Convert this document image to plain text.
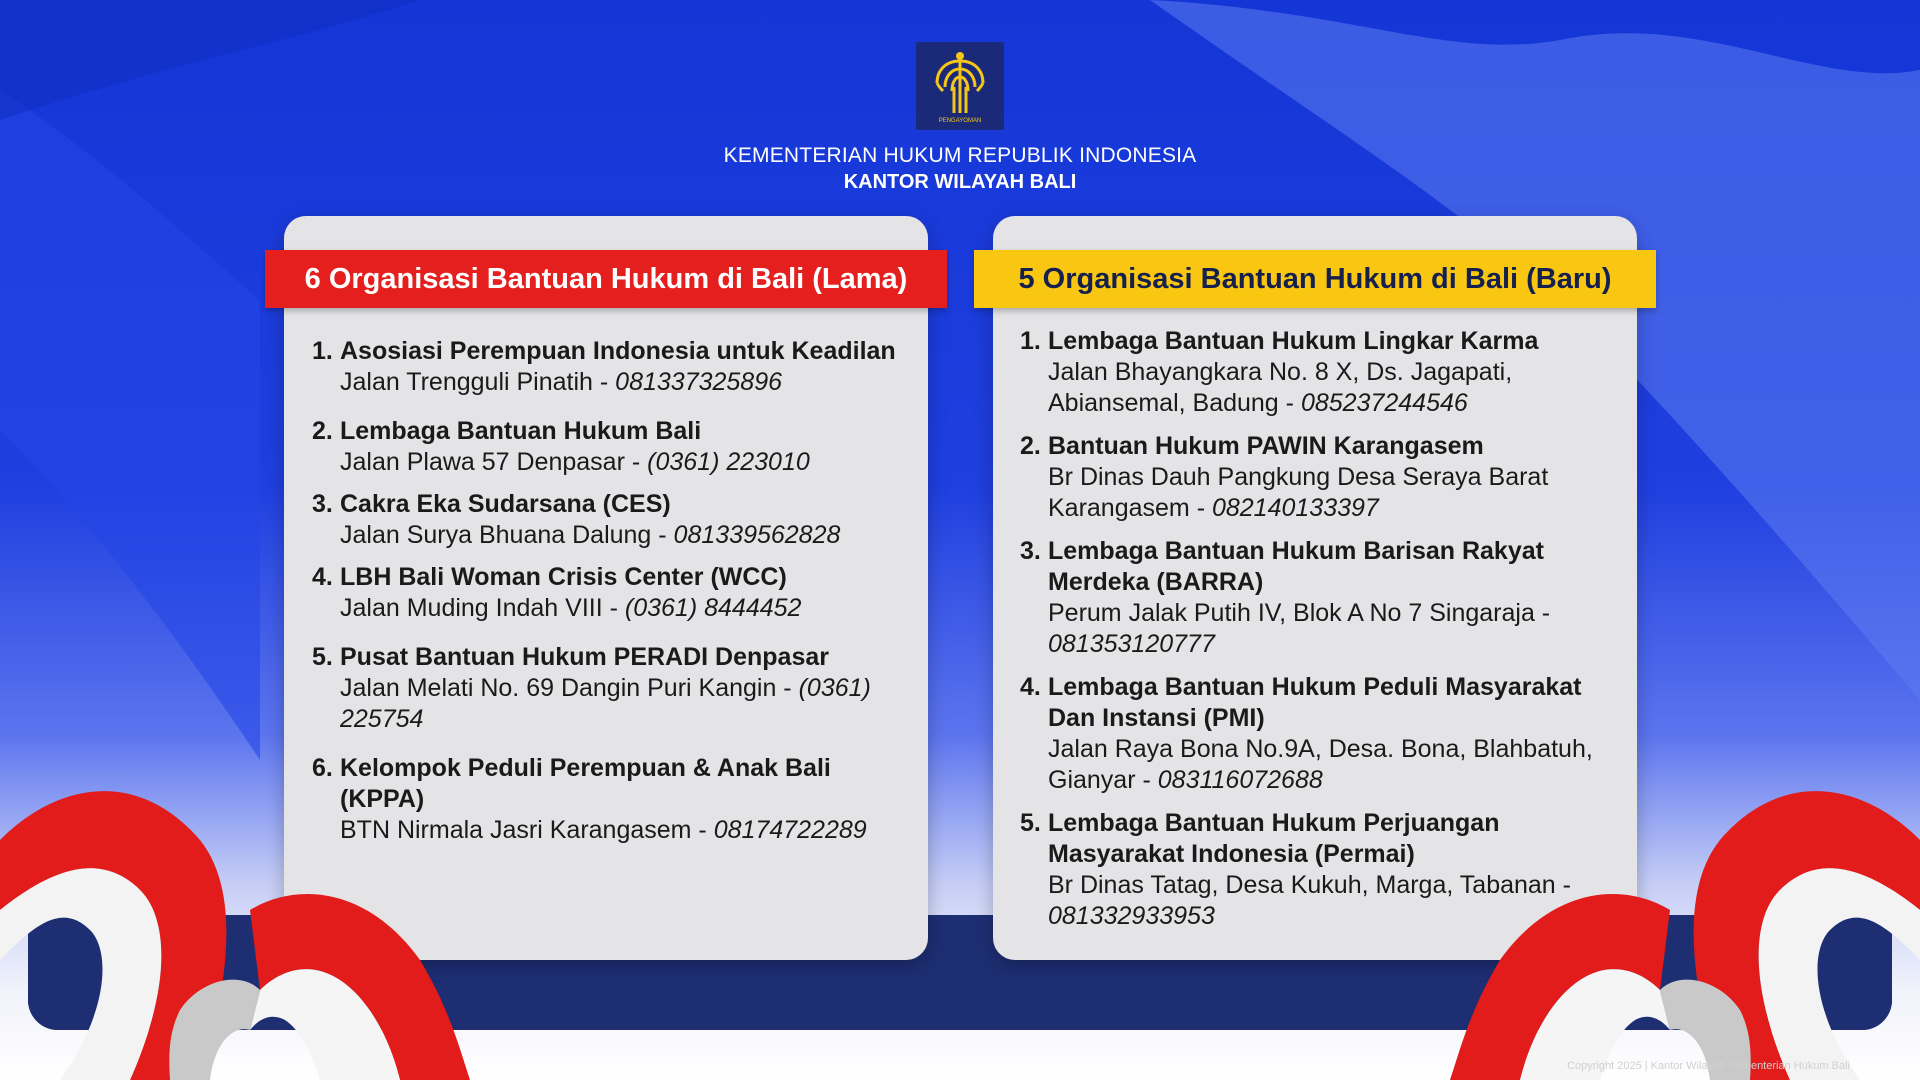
PENGAYOMAN
KEMENTERIAN HUKUM REPUBLIK INDONESIA
KANTOR WILAYAH BALI
6 Organisasi Bantuan Hukum di Bali (Lama)	5 Organisasi Bantuan Hukum di Bali (Baru)
1. Asosiasi Perempuan Indonesia untuk Keadilan
Jalan Trengguli Pinatih - 081337325896
2. Lembaga Bantuan Hukum Bali
Jalan Plawa 57 Denpasar - (0361) 223010
3. Cakra Eka Sudarsana (CES)
Jalan Surya Bhuana Dalung - 081339562828
4. LBH Bali Woman Crisis Center (WCC)
Jalan Muding Indah VIII - (0361) 8444452
5. Pusat Bantuan Hukum PERADI Denpasar
Jalan Melati No. 69 Dangin Puri Kangin - (0361) 225754
6. Kelompok Peduli Perempuan & Anak Bali (KPPA)
BTN Nirmala Jasri Karangasem - 08174722289
1. Lembaga Bantuan Hukum Lingkar Karma
Jalan Bhayangkara No. 8 X, Ds. Jagapati, Abiansemal, Badung - 085237244546
2. Bantuan Hukum PAWIN Karangasem
Br Dinas Dauh Pangkung Desa Seraya Barat Karangasem - 082140133397
3. Lembaga Bantuan Hukum Barisan Rakyat Merdeka (BARRA)
Perum Jalak Putih IV, Blok A No 7 Singaraja - 081353120777
4. Lembaga Bantuan Hukum Peduli Masyarakat Dan Instansi (PMI)
Jalan Raya Bona No.9A, Desa. Bona, Blahbatuh, Gianyar - 083116072688
5. Lembaga Bantuan Hukum Perjuangan Masyarakat Indonesia (Permai)
Br Dinas Tatag, Desa Kukuh, Marga, Tabanan - 081332933953
Copyright 2025 | Kantor Wilayah Kementerian Hukum Bali
